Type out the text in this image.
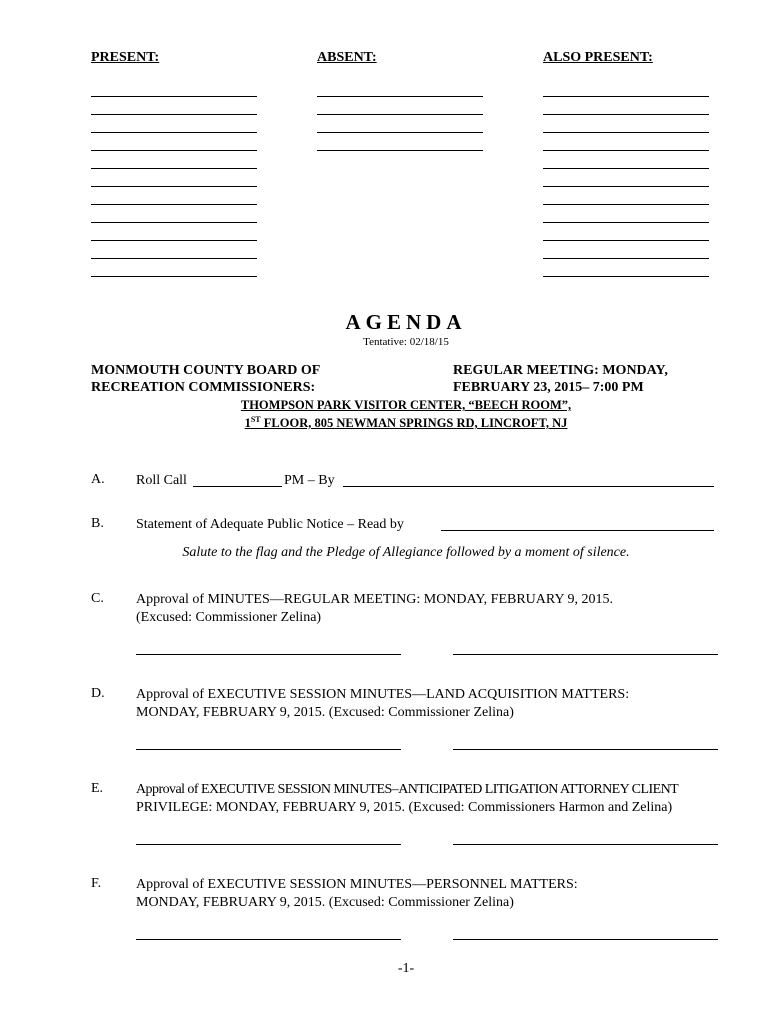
PRESENT:	ABSENT:	ALSO PRESENT:
AGENDA
Tentative: 02/18/15
MONMOUTH COUNTY BOARD OF
RECREATION COMMISSIONERS:
REGULAR MEETING: MONDAY,
FEBRUARY 23, 2015– 7:00 PM
THOMPSON PARK VISITOR CENTER, “BEECH ROOM”,
1ST FLOOR, 805 NEWMAN SPRINGS RD, LINCROFT, NJ
A. Roll Call	PM – By
B. Statement of Adequate Public Notice – Read by
Salute to the flag and the Pledge of Allegiance followed by a moment of silence.
C. Approval of MINUTES—REGULAR MEETING: MONDAY, FEBRUARY 9, 2015.
(Excused: Commissioner Zelina)
D. Approval of EXECUTIVE SESSION MINUTES—LAND ACQUISITION MATTERS:
MONDAY, FEBRUARY 9, 2015. (Excused: Commissioner Zelina)
E. Approval of EXECUTIVE SESSION MINUTES–ANTICIPATED LITIGATION ATTORNEY CLIENT
PRIVILEGE: MONDAY, FEBRUARY 9, 2015. (Excused: Commissioners Harmon and Zelina)
F. Approval of EXECUTIVE SESSION MINUTES—PERSONNEL MATTERS:
MONDAY, FEBRUARY 9, 2015. (Excused: Commissioner Zelina)
-1-
